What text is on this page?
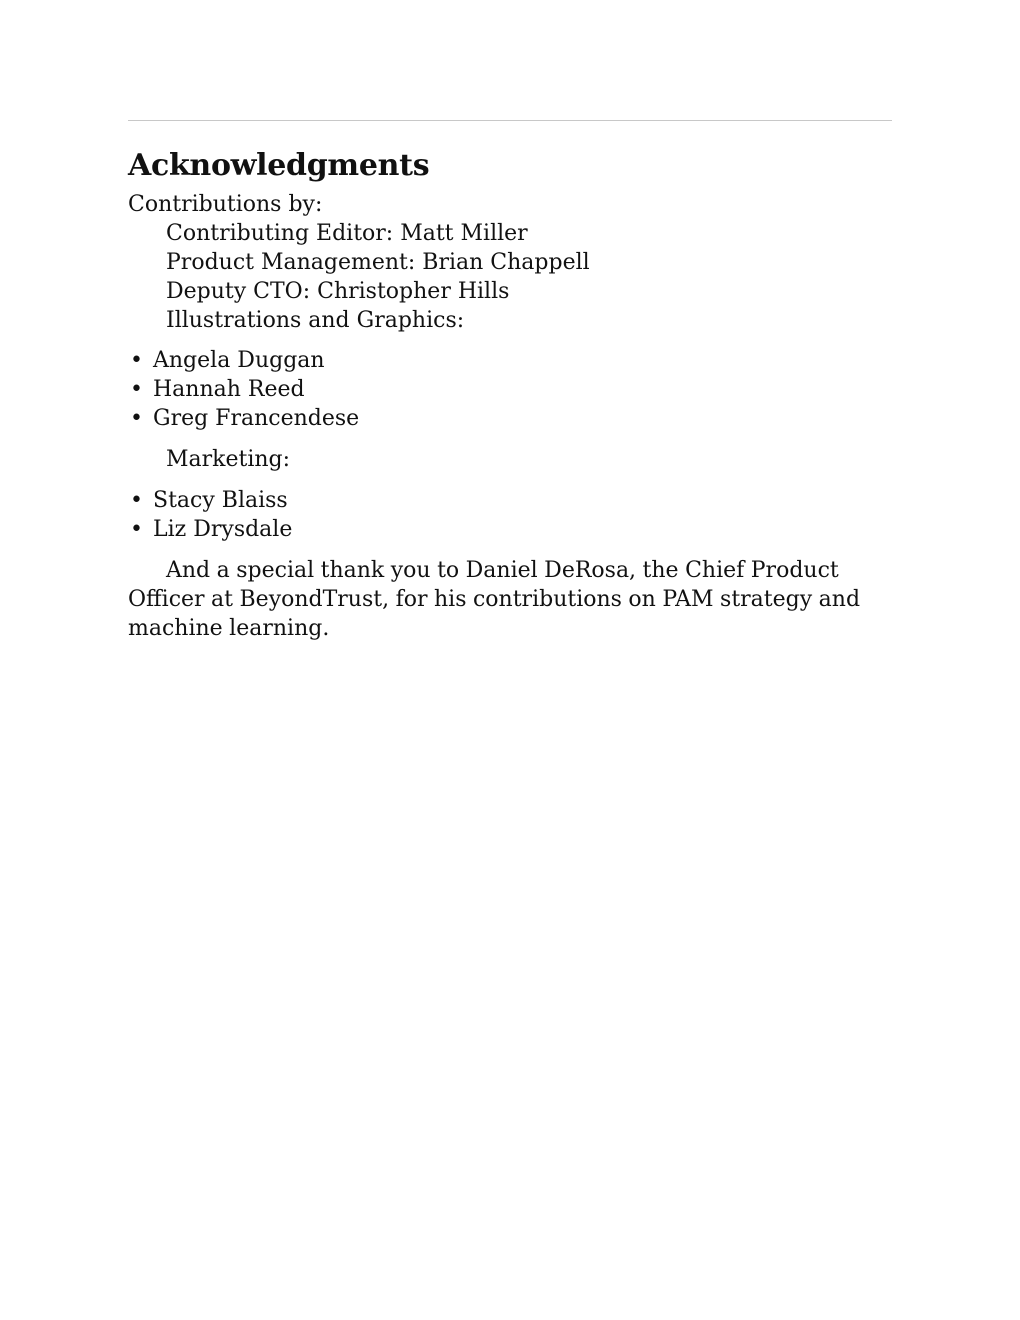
Acknowledgments
Contributions by:
Contributing Editor: Matt Miller
Product Management: Brian Chappell
Deputy CTO: Christopher Hills
Illustrations and Graphics:
• Angela Duggan
• Hannah Reed
• Greg Francendese
Marketing:
• Stacy Blaiss
• Liz Drysdale

And a special thank you to Daniel DeRosa, the Chief Product Officer at BeyondTrust, for his contributions on PAM strategy and machine learning.
